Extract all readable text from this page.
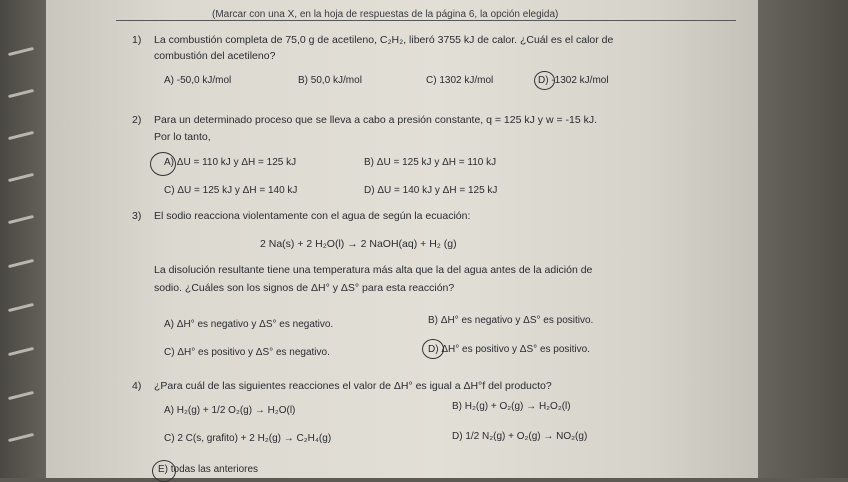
(Marcar con una X, en la hoja de respuestas de la página 6, la opción elegida)
1) La combustión completa de 75,0 g de acetileno, C₂H₂, liberó 3755 kJ de calor. ¿Cuál es el calor de
combustión del acetileno?
A) -50,0 kJ/mol	B) 50,0 kJ/mol	C) 1302 kJ/mol	D) -1302 kJ/mol
2) Para un determinado proceso que se lleva a cabo a presión constante, q = 125 kJ y w = -15 kJ.
Por lo tanto,
A) ΔU = 110 kJ y ΔH = 125 kJ	B) ΔU = 125 kJ y ΔH = 110 kJ
C) ΔU = 125 kJ y ΔH = 140 kJ	D) ΔU = 140 kJ y ΔH = 125 kJ
3) El sodio reacciona violentamente con el agua de según la ecuación:
2 Na(s) + 2 H₂O(l) → 2 NaOH(aq) + H₂ (g)
La disolución resultante tiene una temperatura más alta que la del agua antes de la adición de
sodio. ¿Cuáles son los signos de ΔH° y ΔS° para esta reacción?
A) ΔH° es negativo y ΔS° es negativo.	B) ΔH° es negativo y ΔS° es positivo.
C) ΔH° es positivo y ΔS° es negativo.	D) ΔH° es positivo y ΔS° es positivo.
4) ¿Para cuál de las siguientes reacciones el valor de ΔH° es igual a ΔH°f del producto?
A) H₂(g) + 1/2 O₂(g) → H₂O(l)	B) H₂(g) + O₂(g) → H₂O₂(l)
C) 2 C(s, grafito) + 2 H₂(g) → C₂H₄(g)	D) 1/2 N₂(g) + O₂(g) → NO₂(g)
E) todas las anteriores
